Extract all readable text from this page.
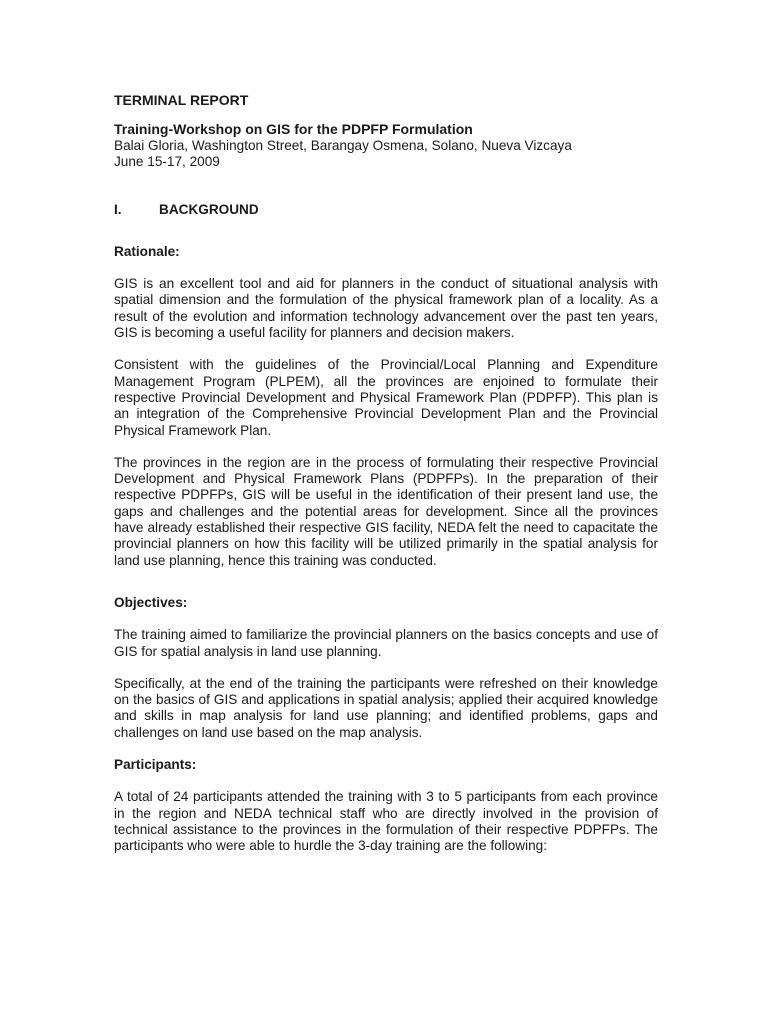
TERMINAL REPORT
Training-Workshop on GIS for the PDPFP Formulation
Balai Gloria, Washington Street, Barangay Osmena, Solano, Nueva Vizcaya
June 15-17, 2009
I.	BACKGROUND
Rationale:

GIS is an excellent tool and aid for planners in the conduct of situational analysis with spatial dimension and the formulation of the physical framework plan of a locality. As a result of the evolution and information technology advancement over the past ten years, GIS is becoming a useful facility for planners and decision makers.

Consistent with the guidelines of the Provincial/Local Planning and Expenditure Management Program (PLPEM), all the provinces are enjoined to formulate their respective Provincial Development and Physical Framework Plan (PDPFP). This plan is an integration of the Comprehensive Provincial Development Plan and the Provincial Physical Framework Plan.

The provinces in the region are in the process of formulating their respective Provincial Development and Physical Framework Plans (PDPFPs). In the preparation of their respective PDPFPs, GIS will be useful in the identification of their present land use, the gaps and challenges and the potential areas for development. Since all the provinces have already established their respective GIS facility, NEDA felt the need to capacitate the provincial planners on how this facility will be utilized primarily in the spatial analysis for land use planning, hence this training was conducted.

Objectives:

The training aimed to familiarize the provincial planners on the basics concepts and use of GIS for spatial analysis in land use planning.

Specifically, at the end of the training the participants were refreshed on their knowledge on the basics of GIS and applications in spatial analysis; applied their acquired knowledge and skills in map analysis for land use planning; and identified problems, gaps and challenges on land use based on the map analysis.

Participants:

A total of 24 participants attended the training with 3 to 5 participants from each province in the region and NEDA technical staff who are directly involved in the provision of technical assistance to the provinces in the formulation of their respective PDPFPs. The participants who were able to hurdle the 3-day training are the following:
